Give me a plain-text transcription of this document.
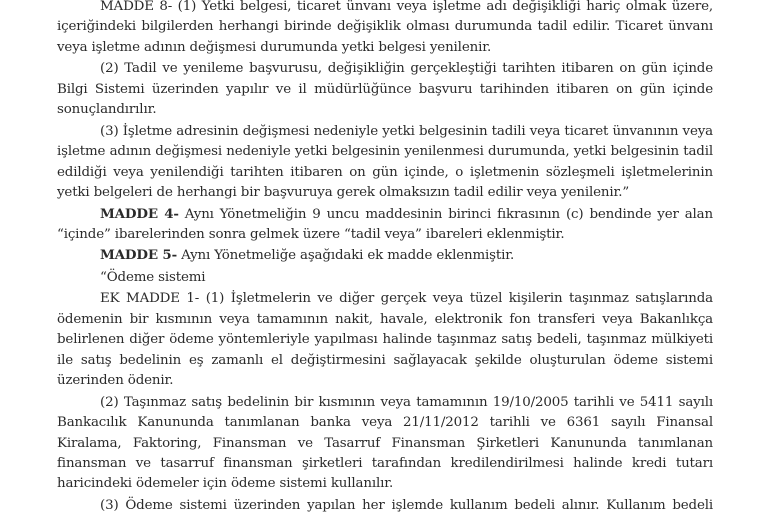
MADDE 8- (1) Yetki belgesi, ticaret ünvanı veya işletme adı değişikliği hariç olmak üzere, içeriğindeki bilgilerden herhangi birinde değişiklik olması durumunda tadil edilir. Ticaret ünvanı veya işletme adının değişmesi durumunda yetki belgesi yenilenir.

(2) Tadil ve yenileme başvurusu, değişikliğin gerçekleştiği tarihten itibaren on gün içinde Bilgi Sistemi üzerinden yapılır ve il müdürlüğünce başvuru tarihinden itibaren on gün içinde sonuçlandırılır.

(3) İşletme adresinin değişmesi nedeniyle yetki belgesinin tadili veya ticaret ünvanının veya işletme adının değişmesi nedeniyle yetki belgesinin yenilenmesi durumunda, yetki belgesinin tadil edildiği veya yenilendiği tarihten itibaren on gün içinde, o işletmenin sözleşmeli işletmelerinin yetki belgeleri de herhangi bir başvuruya gerek olmaksızın tadil edilir veya yenilenir.”

MADDE 4- Aynı Yönetmeliğin 9 uncu maddesinin birinci fıkrasının (c) bendinde yer alan “içinde” ibarelerinden sonra gelmek üzere “tadil veya” ibareleri eklenmiştir.

MADDE 5- Aynı Yönetmeliğe aşağıdaki ek madde eklenmiştir.

“Ödeme sistemi

EK MADDE 1- (1) İşletmelerin ve diğer gerçek veya tüzel kişilerin taşınmaz satışlarında ödemenin bir kısmının veya tamamının nakit, havale, elektronik fon transferi veya Bakanlıkça belirlenen diğer ödeme yöntemleriyle yapılması halinde taşınmaz satış bedeli, taşınmaz mülkiyeti ile satış bedelinin eş zamanlı el değiştirmesini sağlayacak şekilde oluşturulan ödeme sistemi üzerinden ödenir.

(2) Taşınmaz satış bedelinin bir kısmının veya tamamının 19/10/2005 tarihli ve 5411 sayılı Bankacılık Kanununda tanımlanan banka veya 21/11/2012 tarihli ve 6361 sayılı Finansal Kiralama, Faktoring, Finansman ve Tasarruf Finansman Şirketleri Kanununda tanımlanan finansman ve tasarruf finansman şirketleri tarafından kredilendirilmesi halinde kredi tutarı haricindeki ödemeler için ödeme sistemi kullanılır.

(3) Ödeme sistemi üzerinden yapılan her işlemde kullanım bedeli alınır. Kullanım bedeli
